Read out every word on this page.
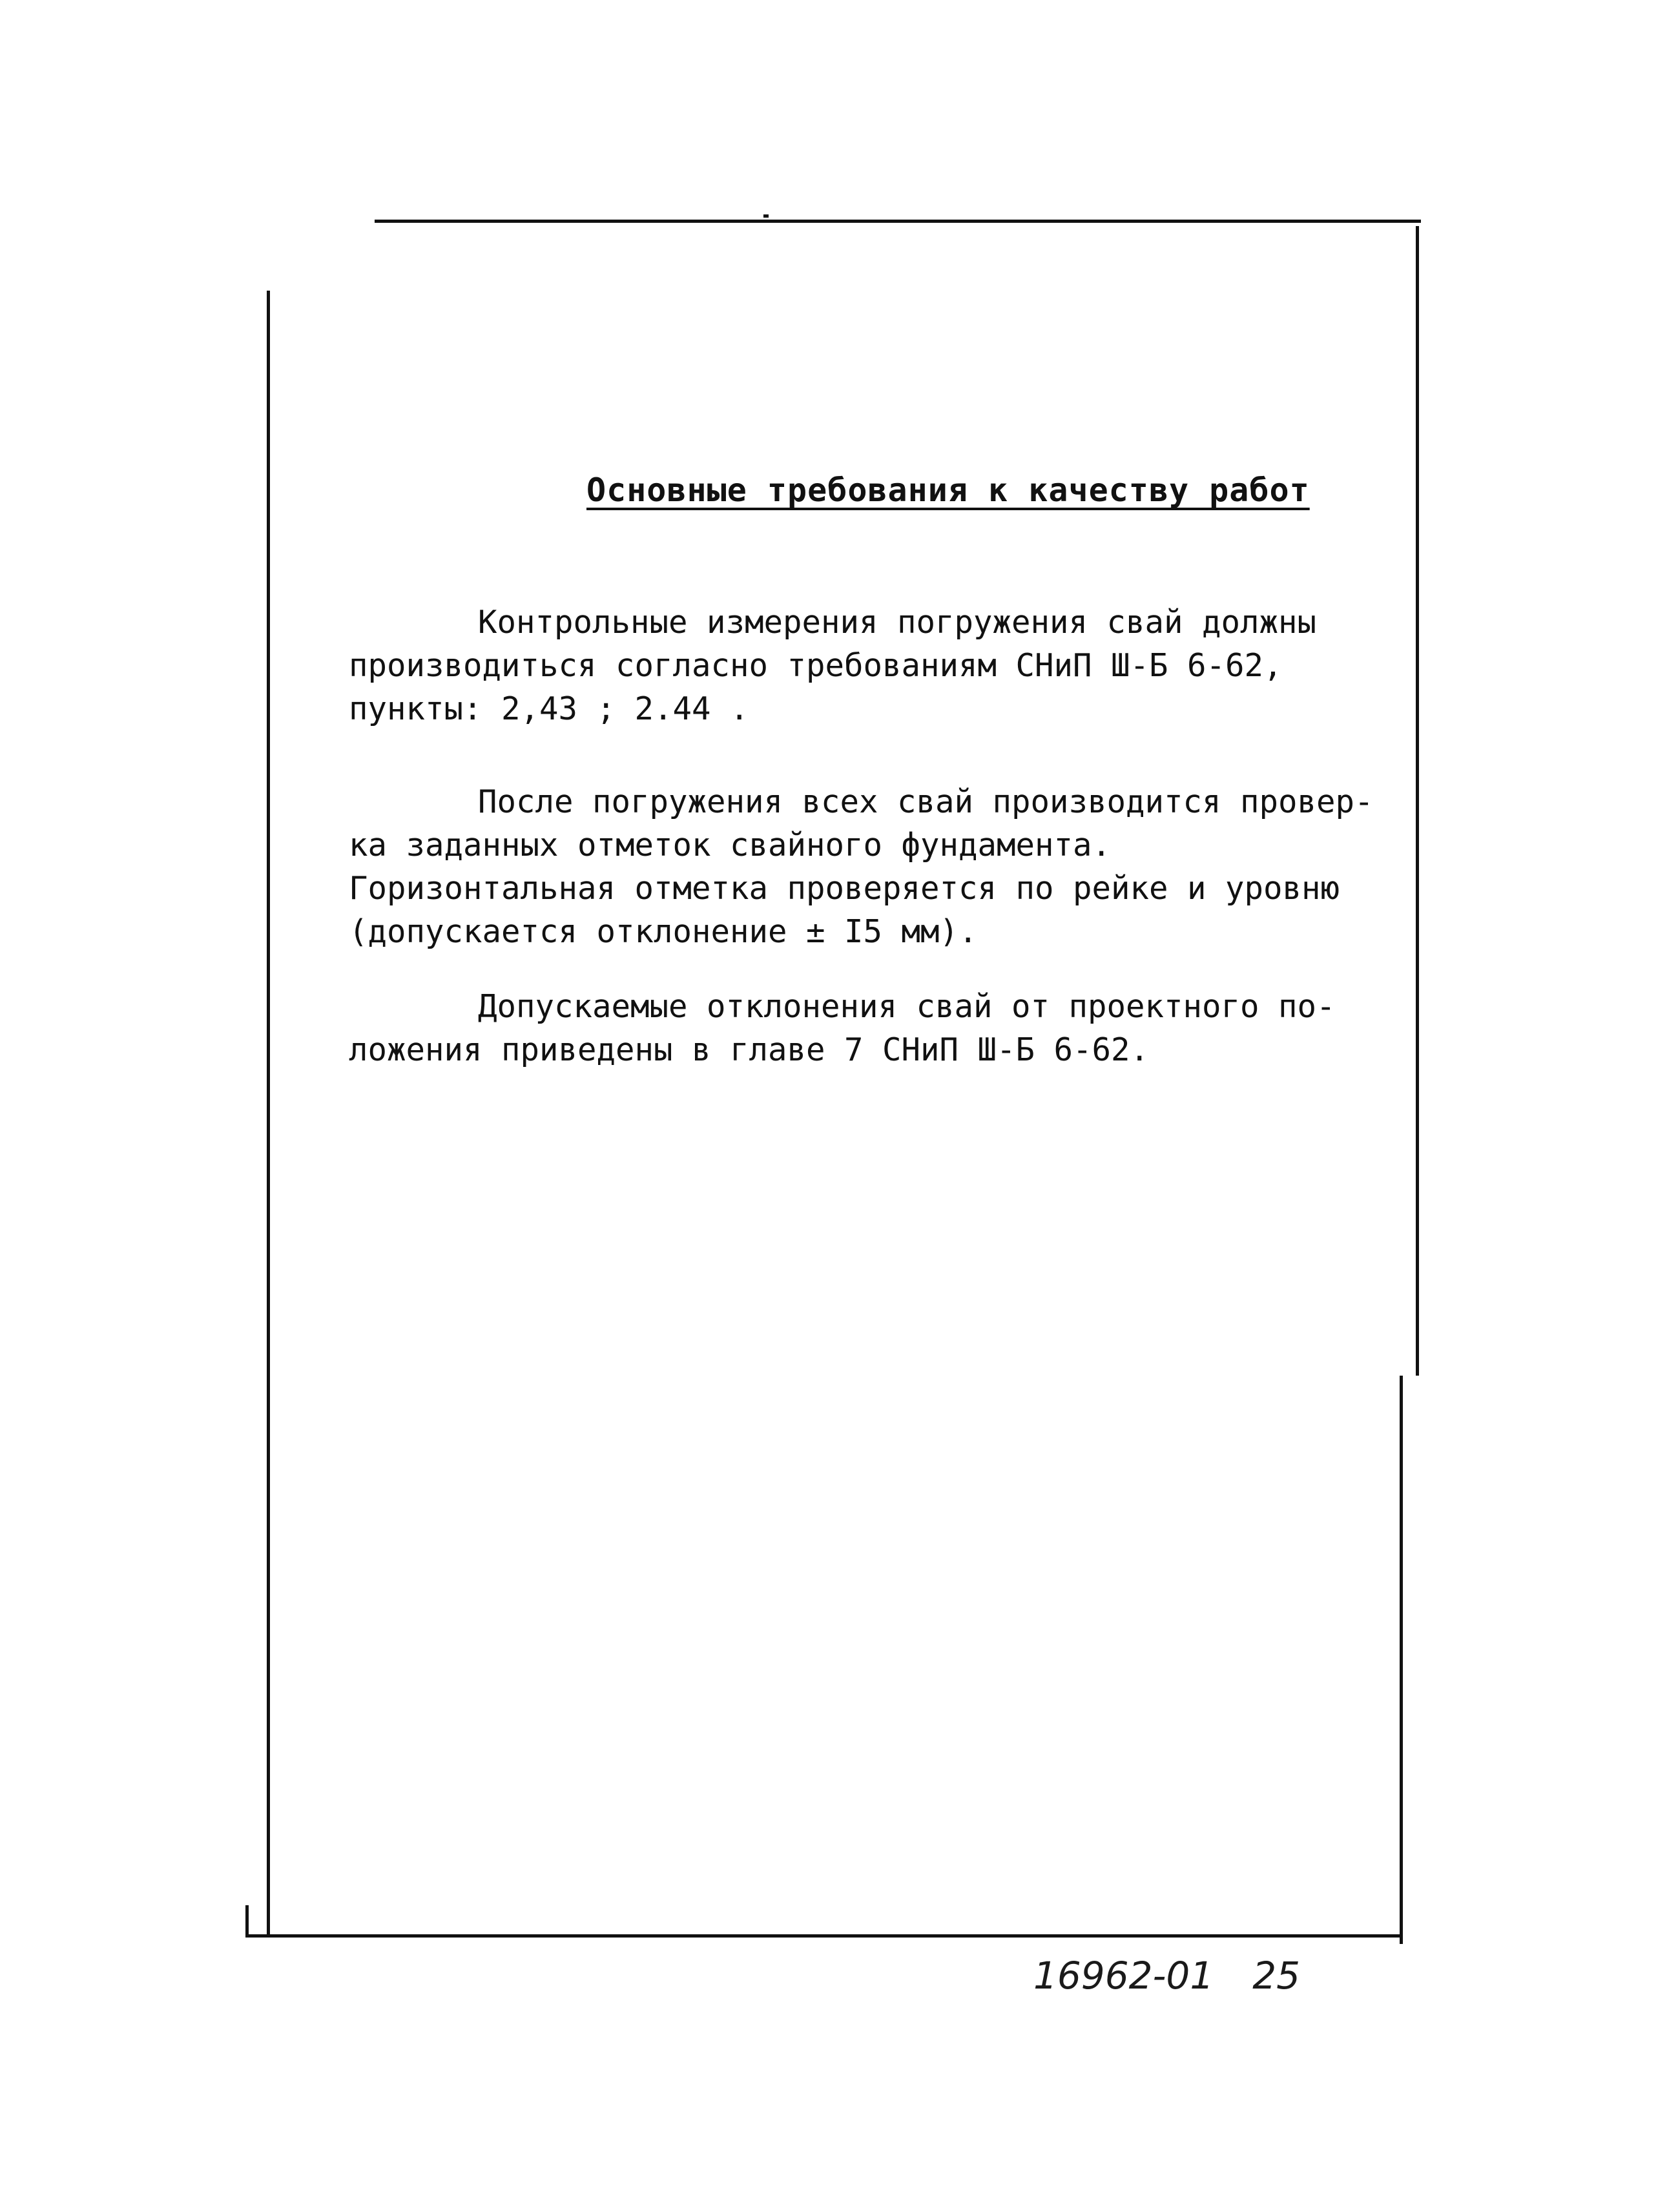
Основные требования к качеству работ
Контрольные измерения погружения свай должны
производиться согласно требованиям СНиП Ш-Б 6-62,
пункты: 2,43 ; 2.44 .
После погружения всех свай производится провер-
ка заданных отметок свайного фундамента.
Горизонтальная отметка проверяется по рейке и уровню
(допускается отклонение ± I5 мм).
Допускаемые отклонения свай от проектного по-
ложения приведены в главе 7 СНиП Ш-Б 6-62.
16962-01 25
